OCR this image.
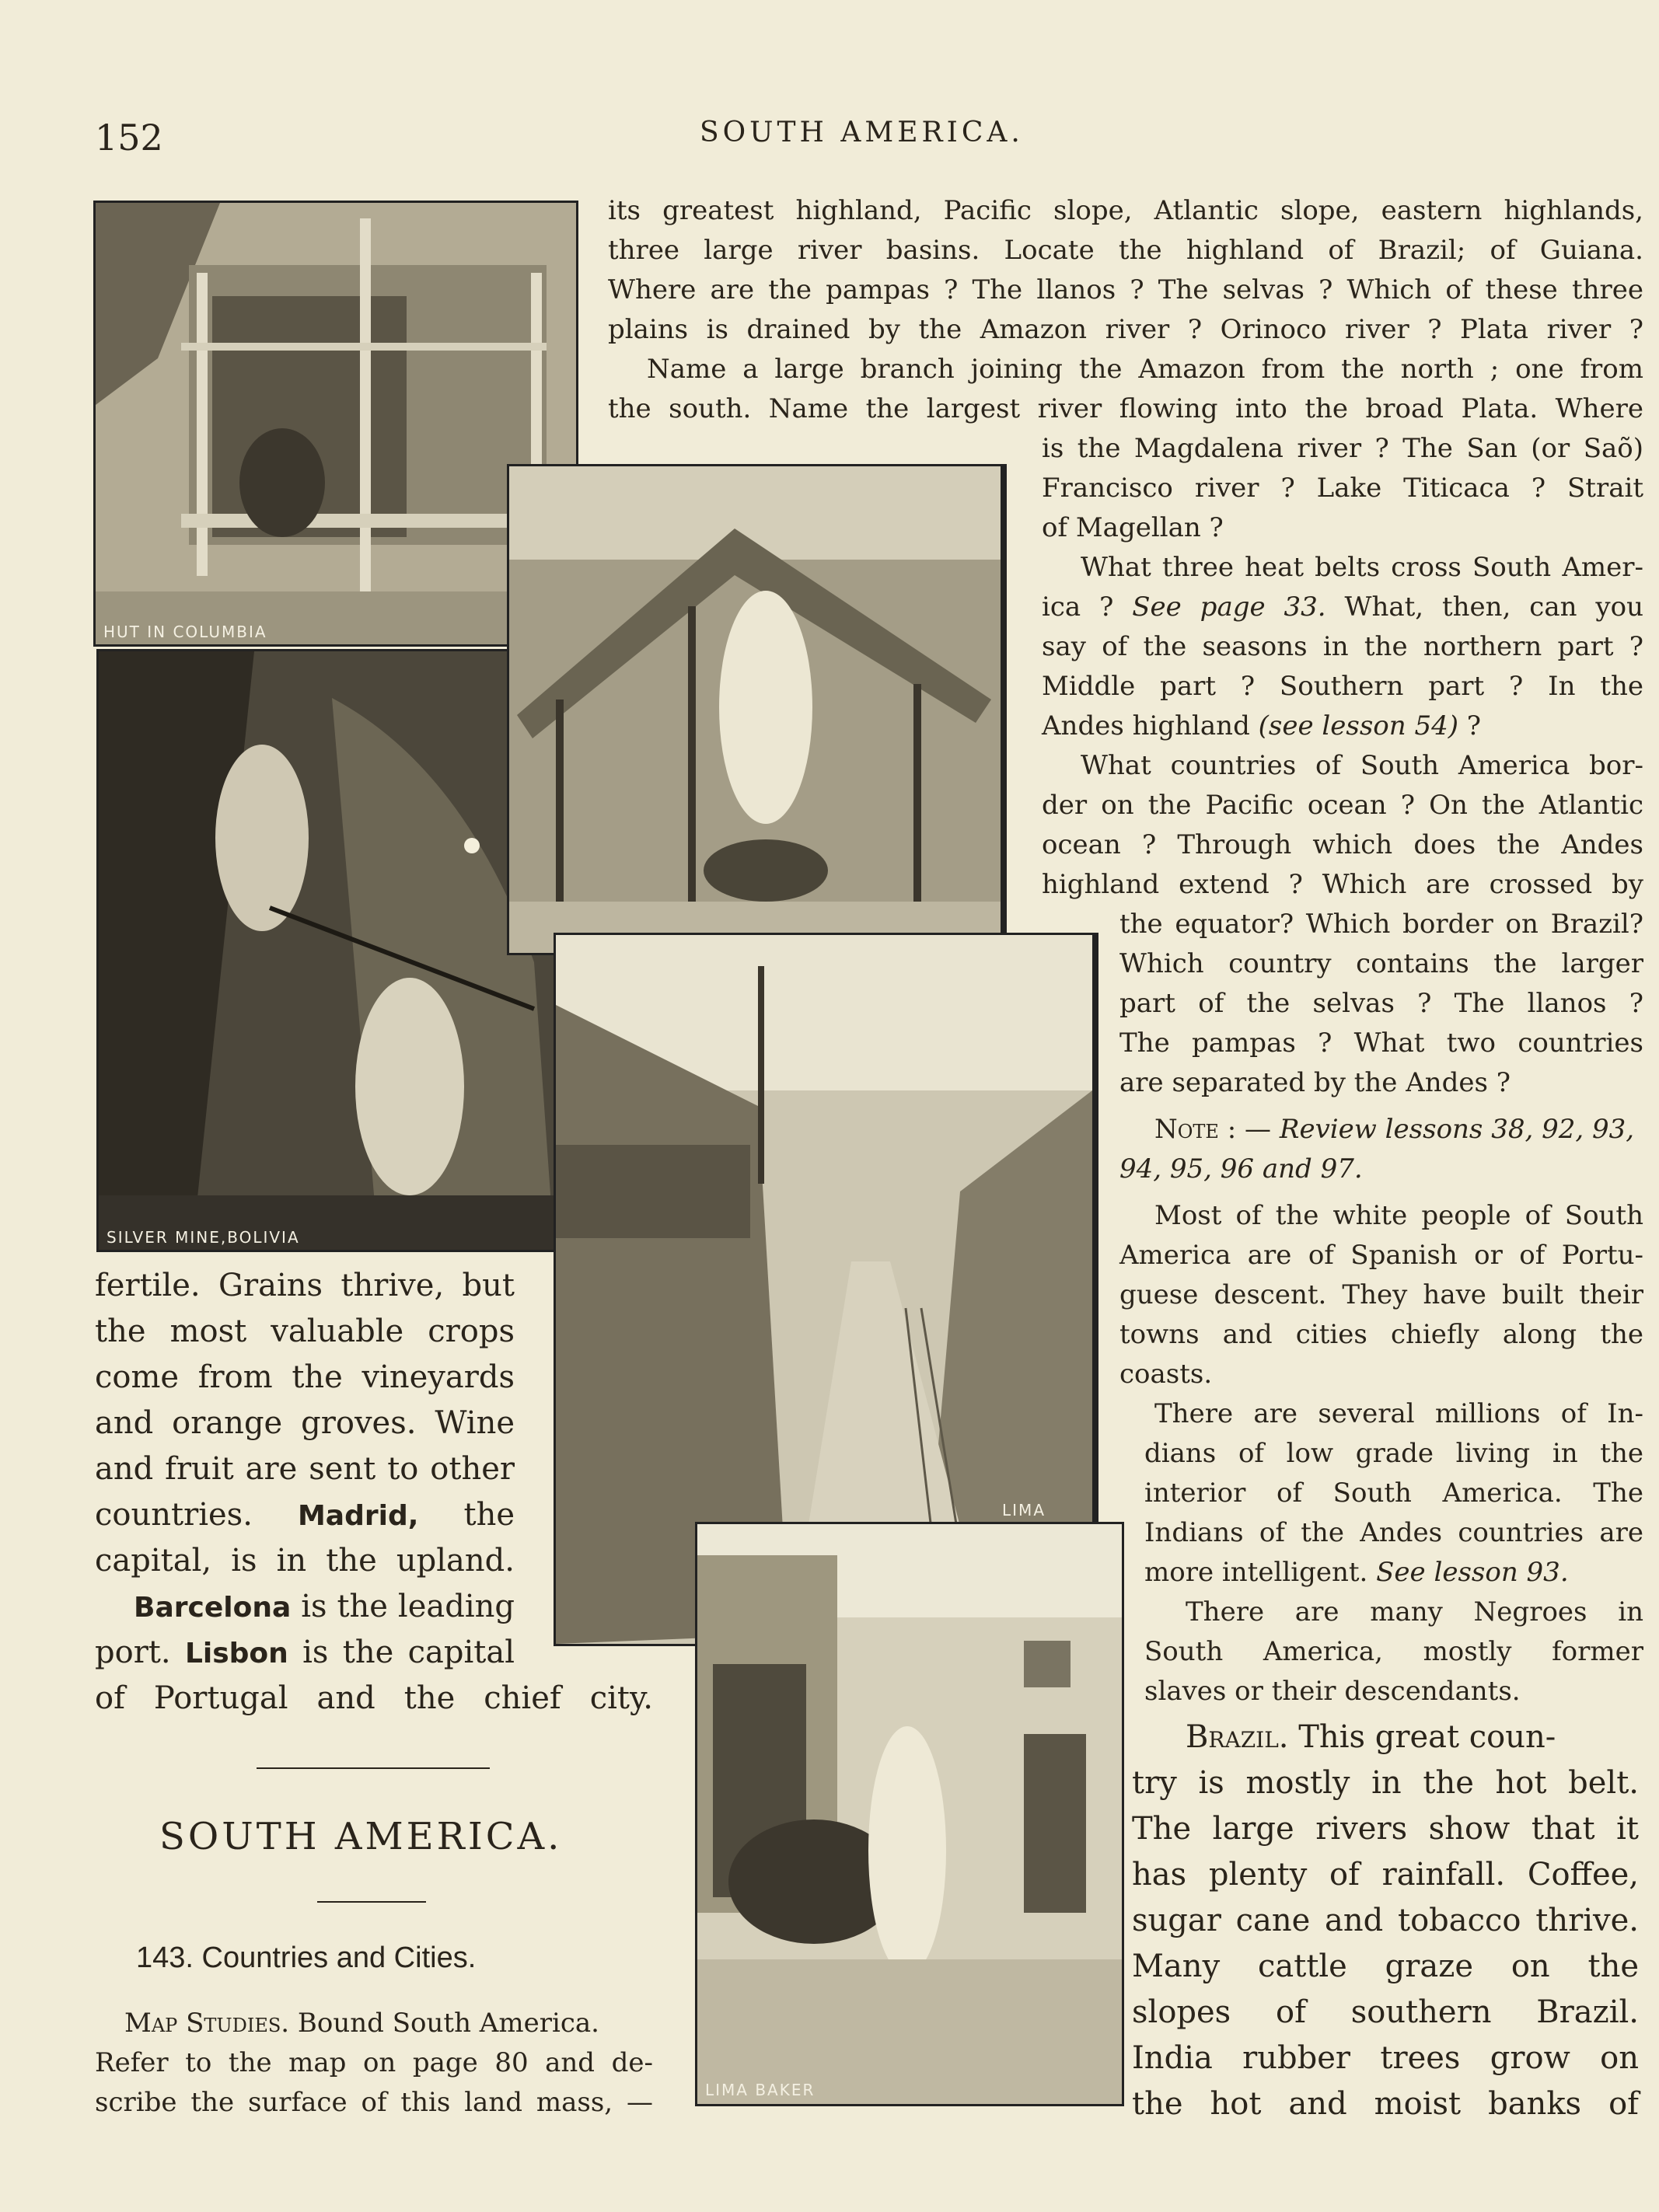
152	SOUTH AMERICA.
HUT IN COLUMBIA
SILVER MINE,BOLIVIA
LIMA
LIMA BAKER
its greatest highland, Pacific slope, Atlantic slope, eastern highlands,
three large river basins. Locate the highland of Brazil; of Guiana.
Where are the pampas ? The llanos ? The selvas ? Which of these three
plains is drained by the Amazon river ? Orinoco river ? Plata river ?
Name a large branch joining the Amazon from the north ; one from
the south. Name the largest river flowing into the broad Plata. Where
is the Magdalena river ? The San (or Saõ)
Francisco river ? Lake Titicaca ? Strait
of Magellan ?
What three heat belts cross South Amer-
ica ? See page 33. What, then, can you
say of the seasons in the northern part ?
Middle part ? Southern part ? In the
Andes highland (see lesson 54) ?
What countries of South America bor-
der on the Pacific ocean ? On the Atlantic
ocean ? Through which does the Andes
highland extend ? Which are crossed by
the equator? Which border on Brazil?
Which country contains the larger
part of the selvas ? The llanos ?
The pampas ? What two countries
are separated by the Andes ?
Note : — Review lessons 38, 92, 93,
94, 95, 96 and 97.
Most of the white people of South
America are of Spanish or of Portu-
guese descent. They have built their
towns and cities chiefly along the
coasts.
There are several millions of In-
dians of low grade living in the
interior of South America. The
Indians of the Andes countries are
more intelligent. See lesson 93.
There are many Negroes in
South America, mostly former
slaves or their descendants.
Brazil. This great coun-
try is mostly in the hot belt.
The large rivers show that it
has plenty of rainfall. Coffee,
sugar cane and tobacco thrive.
Many cattle graze on the
slopes of southern Brazil.
India rubber trees grow on
the hot and moist banks of
fertile. Grains thrive, but
the most valuable crops
come from the vineyards
and orange groves. Wine
and fruit are sent to other
countries. Madrid, the
capital, is in the upland.
Barcelona is the leading
port. Lisbon is the capital
of Portugal and the chief city.
SOUTH AMERICA.
143. Countries and Cities.
Map Studies. Bound South America.
Refer to the map on page 80 and de-
scribe the surface of this land mass, —
